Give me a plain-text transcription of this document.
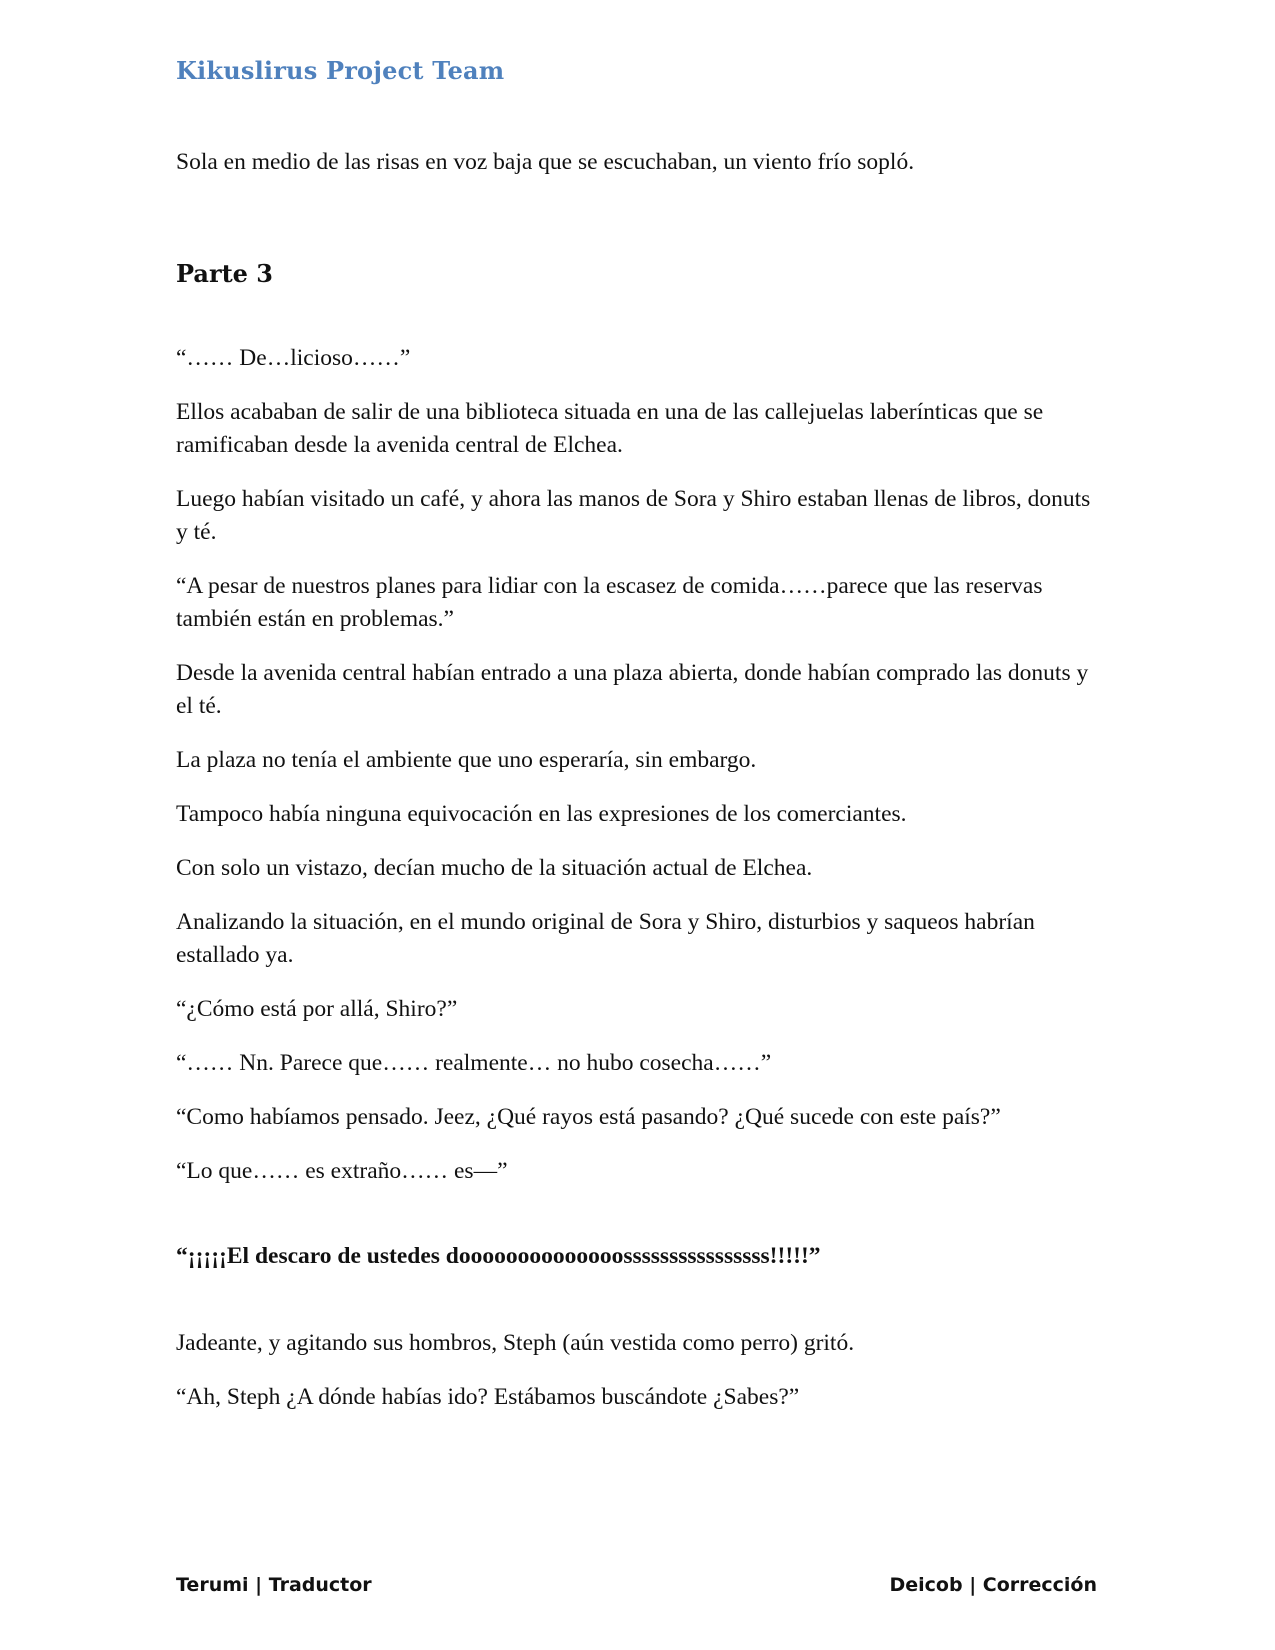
Kikuslirus Project Team

Sola en medio de las risas en voz baja que se escuchaban, un viento frío sopló.

Parte 3

“…… De…licioso……”

Ellos acababan de salir de una biblioteca situada en una de las callejuelas laberínticas que se ramificaban desde la avenida central de Elchea.

Luego habían visitado un café, y ahora las manos de Sora y Shiro estaban llenas de libros, donuts y té.

“A pesar de nuestros planes para lidiar con la escasez de comida……parece que las reservas también están en problemas.”

Desde la avenida central habían entrado a una plaza abierta, donde habían comprado las donuts y el té.

La plaza no tenía el ambiente que uno esperaría, sin embargo.

Tampoco había ninguna equivocación en las expresiones de los comerciantes.

Con solo un vistazo, decían mucho de la situación actual de Elchea.

Analizando la situación, en el mundo original de Sora y Shiro, disturbios y saqueos habrían estallado ya.

“¿Cómo está por allá, Shiro?”

“…… Nn. Parece que…… realmente… no hubo cosecha……”

“Como habíamos pensado. Jeez, ¿Qué rayos está pasando? ¿Qué sucede con este país?”

“Lo que…… es extraño…… es—”

“¡¡¡¡¡El descaro de ustedes doooooooooooooossssssssssssssss!!!!!”

Jadeante, y agitando sus hombros, Steph (aún vestida como perro) gritó.

“Ah, Steph ¿A dónde habías ido? Estábamos buscándote ¿Sabes?”

Terumi | Traductor	Deicob | Corrección
